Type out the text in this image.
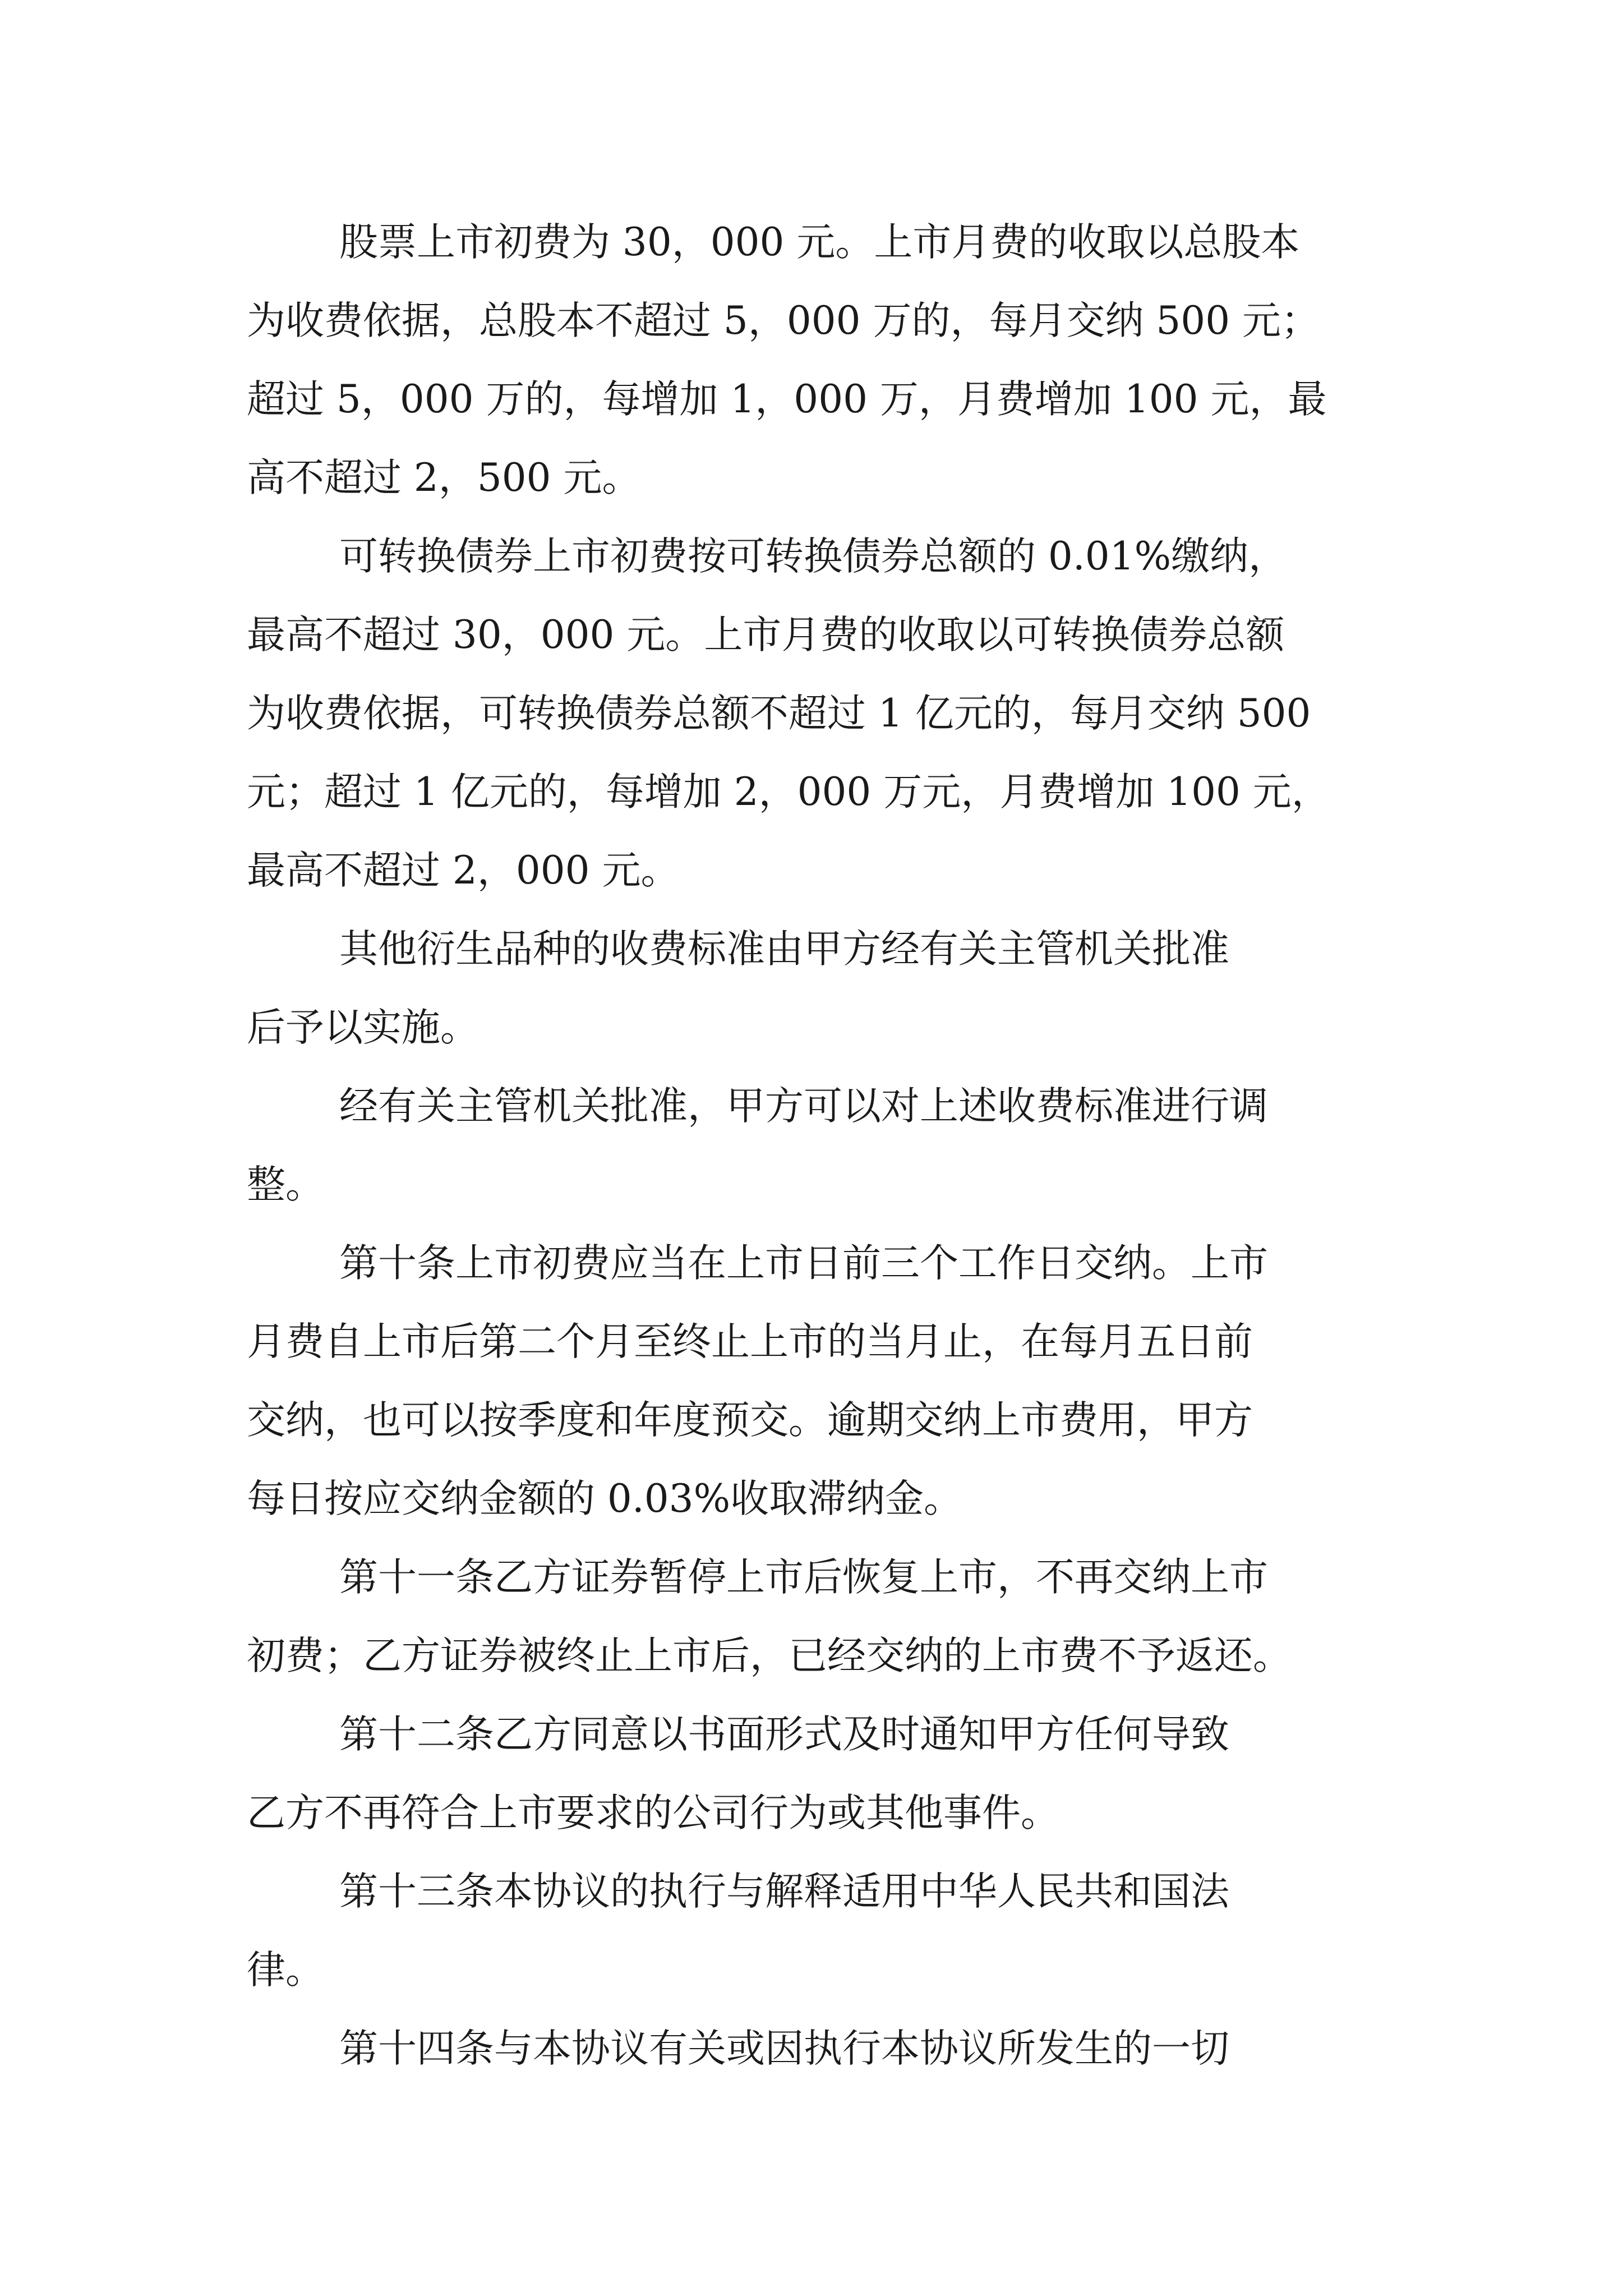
股票上市初费为 30，000 元。上市月费的收取以总股本
为收费依据，总股本不超过 5，000 万的，每月交纳 500 元；
超过 5，000 万的，每增加 1，000 万，月费增加 100 元，最
高不超过 2，500 元。
可转换债券上市初费按可转换债券总额的 0.01%缴纳，
最高不超过 30，000 元。上市月费的收取以可转换债券总额
为收费依据，可转换债券总额不超过 1 亿元的，每月交纳 500
元；超过 1 亿元的，每增加 2，000 万元，月费增加 100 元，
最高不超过 2，000 元。
其他衍生品种的收费标准由甲方经有关主管机关批准
后予以实施。
经有关主管机关批准，甲方可以对上述收费标准进行调
整。
第十条上市初费应当在上市日前三个工作日交纳。上市
月费自上市后第二个月至终止上市的当月止，在每月五日前
交纳，也可以按季度和年度预交。逾期交纳上市费用，甲方
每日按应交纳金额的 0.03%收取滞纳金。
第十一条乙方证券暂停上市后恢复上市，不再交纳上市
初费；乙方证券被终止上市后，已经交纳的上市费不予返还。
第十二条乙方同意以书面形式及时通知甲方任何导致
乙方不再符合上市要求的公司行为或其他事件。
第十三条本协议的执行与解释适用中华人民共和国法
律。
第十四条与本协议有关或因执行本协议所发生的一切
